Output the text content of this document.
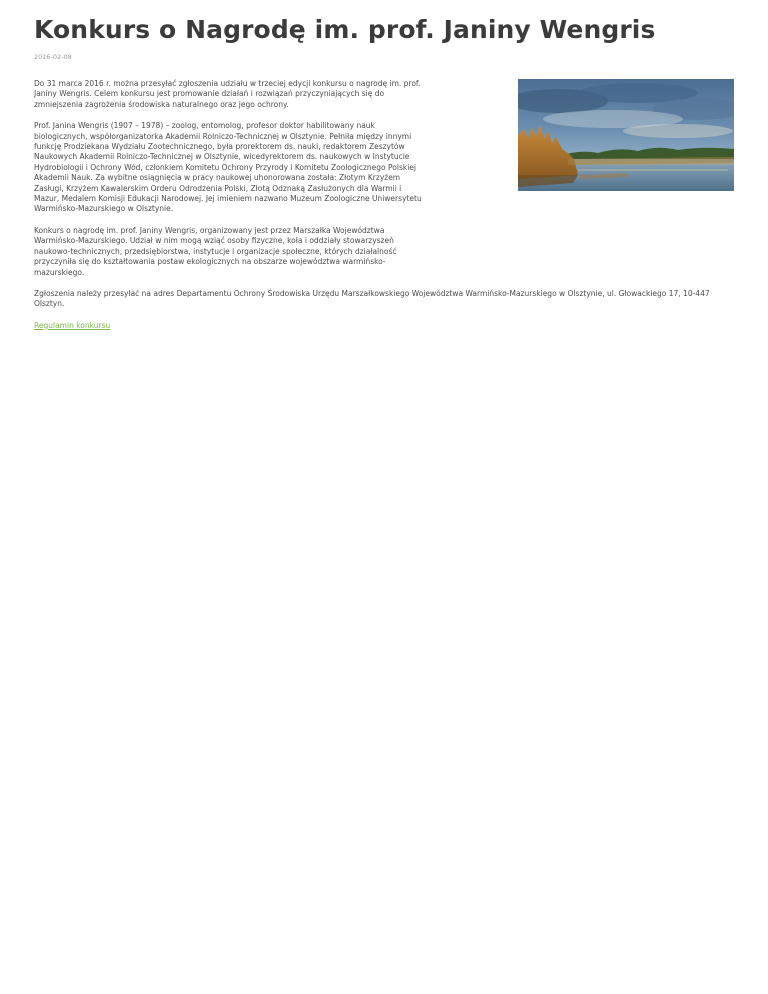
Konkurs o Nagrodę im. prof. Janiny Wengris
2016-02-08

Do 31 marca 2016 r. można przesyłać zgłoszenia udziału w trzeciej edycji konkursu o nagrodę im. prof. Janiny Wengris. Celem konkursu jest promowanie działań i rozwiązań przyczyniających się do zmniejszenia zagrożenia środowiska naturalnego oraz jego ochrony.

Prof. Janina Wengris (1907 – 1978) – zoolog, entomolog, profesor doktor habilitowany nauk biologicznych, współorganizatorka Akademii Rolniczo-Technicznej w Olsztynie. Pełniła między innymi funkcję Prodziekana Wydziału Zootechnicznego, była prorektorem ds. nauki, redaktorem Zeszytów Naukowych Akademii Rolniczo-Technicznej w Olsztynie, wicedyrektorem ds. naukowych w Instytucie Hydrobiologii i Ochrony Wód, członkiem Komitetu Ochrony Przyrody i Komitetu Zoologicznego Polskiej Akademii Nauk. Za wybitne osiągnięcia w pracy naukowej uhonorowana została: Złotym Krzyżem Zasługi, Krzyżem Kawalerskim Orderu Odrodzenia Polski, Złotą Odznaką Zasłużonych dla Warmii i Mazur, Medalem Komisji Edukacji Narodowej. Jej imieniem nazwano Muzeum Zoologiczne Uniwersytetu Warmińsko-Mazurskiego w Olsztynie.

Konkurs o nagrodę im. prof. Janiny Wengris, organizowany jest przez Marszałka Województwa Warmińsko-Mazurskiego. Udział w nim mogą wziąć osoby fizyczne, koła i oddziały stowarzyszeń naukowo-technicznych, przedsiębiorstwa, instytucje i organizacje społeczne, których działalność przyczyniła się do kształtowania postaw ekologicznych na obszarze województwa warmińsko-mazurskiego.

Zgłoszenia należy przesyłać na adres Departamentu Ochrony Środowiska Urzędu Marszałkowskiego Województwa Warmińsko-Mazurskiego w Olsztynie, ul. Głowackiego 17, 10-447 Olsztyn.

Regulamin konkursu
